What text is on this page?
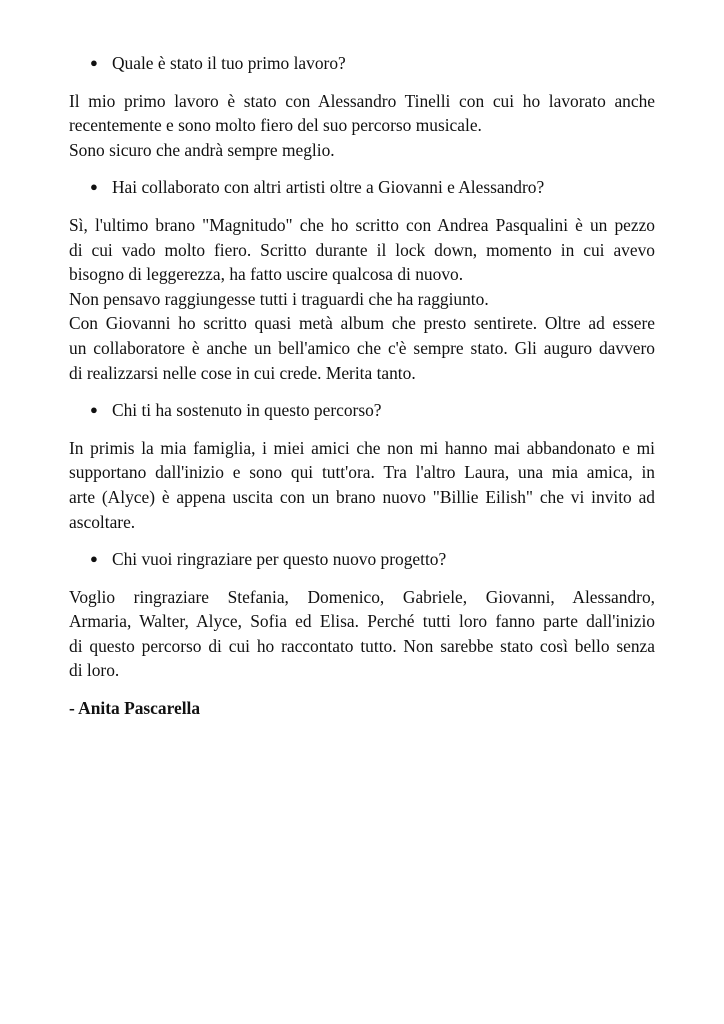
● Quale è stato il tuo primo lavoro?
Il mio primo lavoro è stato con Alessandro Tinelli con cui ho lavorato anche
recentemente e sono molto fiero del suo percorso musicale.
Sono sicuro che andrà sempre meglio.
● Hai collaborato con altri artisti oltre a Giovanni e Alessandro?
Sì, l'ultimo brano "Magnitudo" che ho scritto con Andrea Pasqualini è un pezzo
di cui vado molto fiero. Scritto durante il lock down, momento in cui avevo
bisogno di leggerezza, ha fatto uscire qualcosa di nuovo.
Non pensavo raggiungesse tutti i traguardi che ha raggiunto.
Con Giovanni ho scritto quasi metà album che presto sentirete. Oltre ad essere
un collaboratore è anche un bell'amico che c'è sempre stato. Gli auguro davvero
di realizzarsi nelle cose in cui crede. Merita tanto.
● Chi ti ha sostenuto in questo percorso?
In primis la mia famiglia, i miei amici che non mi hanno mai abbandonato e mi
supportano dall'inizio e sono qui tutt'ora. Tra l'altro Laura, una mia amica, in
arte (Alyce) è appena uscita con un brano nuovo "Billie Eilish" che vi invito ad
ascoltare.
● Chi vuoi ringraziare per questo nuovo progetto?
Voglio ringraziare Stefania, Domenico, Gabriele, Giovanni, Alessandro,
Armaria, Walter, Alyce, Sofia ed Elisa. Perché tutti loro fanno parte dall'inizio
di questo percorso di cui ho raccontato tutto. Non sarebbe stato così bello senza
di loro.

- Anita Pascarella
